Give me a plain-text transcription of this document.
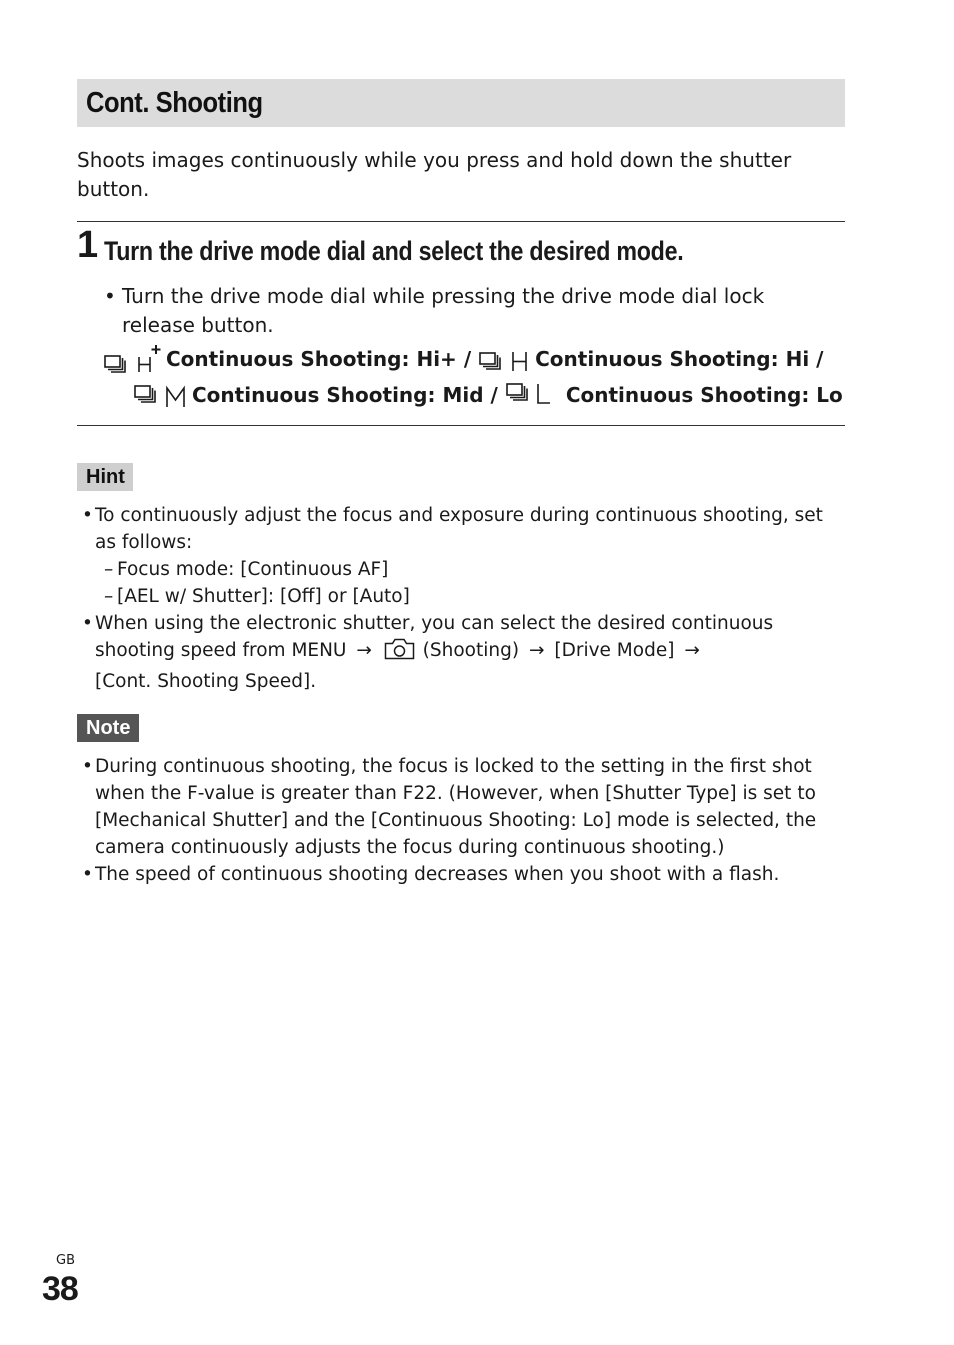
Cont. Shooting

Shoots images continuously while you press and hold down the shutter button.

1 Turn the drive mode dial and select the desired mode.
• Turn the drive mode dial while pressing the drive mode dial lock release button.
Continuous Shooting: Hi+ /	Continuous Shooting: Hi /
Continuous Shooting: Mid /	Continuous Shooting: Lo
Hint
• To continuously adjust the focus and exposure during continuous shooting, set as follows:
– Focus mode: [Continuous AF]
– [AEL w/ Shutter]: [Off] or [Auto]
• When using the electronic shutter, you can select the desired continuous shooting speed from MENU →	(Shooting) → [Drive Mode] →
[Cont. Shooting Speed].
Note
• During continuous shooting, the focus is locked to the setting in the first shot when the F-value is greater than F22. (However, when [Shutter Type] is set to [Mechanical Shutter] and the [Continuous Shooting: Lo] mode is selected, the camera continuously adjusts the focus during continuous shooting.)
• The speed of continuous shooting decreases when you shoot with a flash.
GB
38
